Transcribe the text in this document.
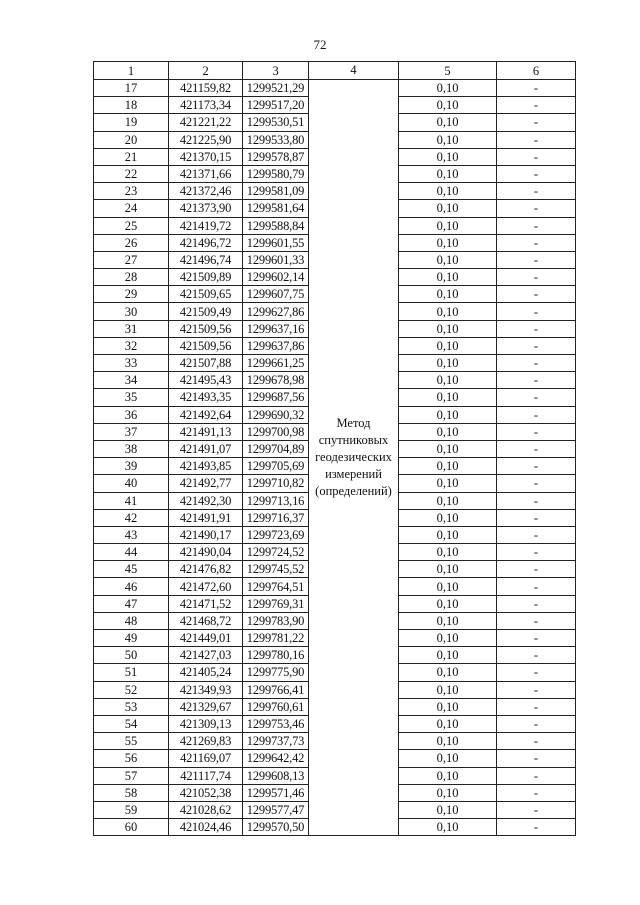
72
1	2	3	4	5	6
17	421159,82	1299521,29	Метод спутниковых геодезических измерений (определений)	0,10	-
18	421173,34	1299517,20		0,10	-
19	421221,22	1299530,51		0,10	-
20	421225,90	1299533,80		0,10	-
21	421370,15	1299578,87		0,10	-
22	421371,66	1299580,79		0,10	-
23	421372,46	1299581,09		0,10	-
24	421373,90	1299581,64		0,10	-
25	421419,72	1299588,84		0,10	-
26	421496,72	1299601,55		0,10	-
27	421496,74	1299601,33		0,10	-
28	421509,89	1299602,14		0,10	-
29	421509,65	1299607,75		0,10	-
30	421509,49	1299627,86		0,10	-
31	421509,56	1299637,16		0,10	-
32	421509,56	1299637,86		0,10	-
33	421507,88	1299661,25		0,10	-
34	421495,43	1299678,98		0,10	-
35	421493,35	1299687,56		0,10	-
36	421492,64	1299690,32		0,10	-
37	421491,13	1299700,98		0,10	-
38	421491,07	1299704,89		0,10	-
39	421493,85	1299705,69		0,10	-
40	421492,77	1299710,82		0,10	-
41	421492,30	1299713,16		0,10	-
42	421491,91	1299716,37		0,10	-
43	421490,17	1299723,69		0,10	-
44	421490,04	1299724,52		0,10	-
45	421476,82	1299745,52		0,10	-
46	421472,60	1299764,51		0,10	-
47	421471,52	1299769,31		0,10	-
48	421468,72	1299783,90		0,10	-
49	421449,01	1299781,22		0,10	-
50	421427,03	1299780,16		0,10	-
51	421405,24	1299775,90		0,10	-
52	421349,93	1299766,41		0,10	-
53	421329,67	1299760,61		0,10	-
54	421309,13	1299753,46		0,10	-
55	421269,83	1299737,73		0,10	-
56	421169,07	1299642,42		0,10	-
57	421117,74	1299608,13		0,10	-
58	421052,38	1299571,46		0,10	-
59	421028,62	1299577,47		0,10	-
60	421024,46	1299570,50		0,10	-
